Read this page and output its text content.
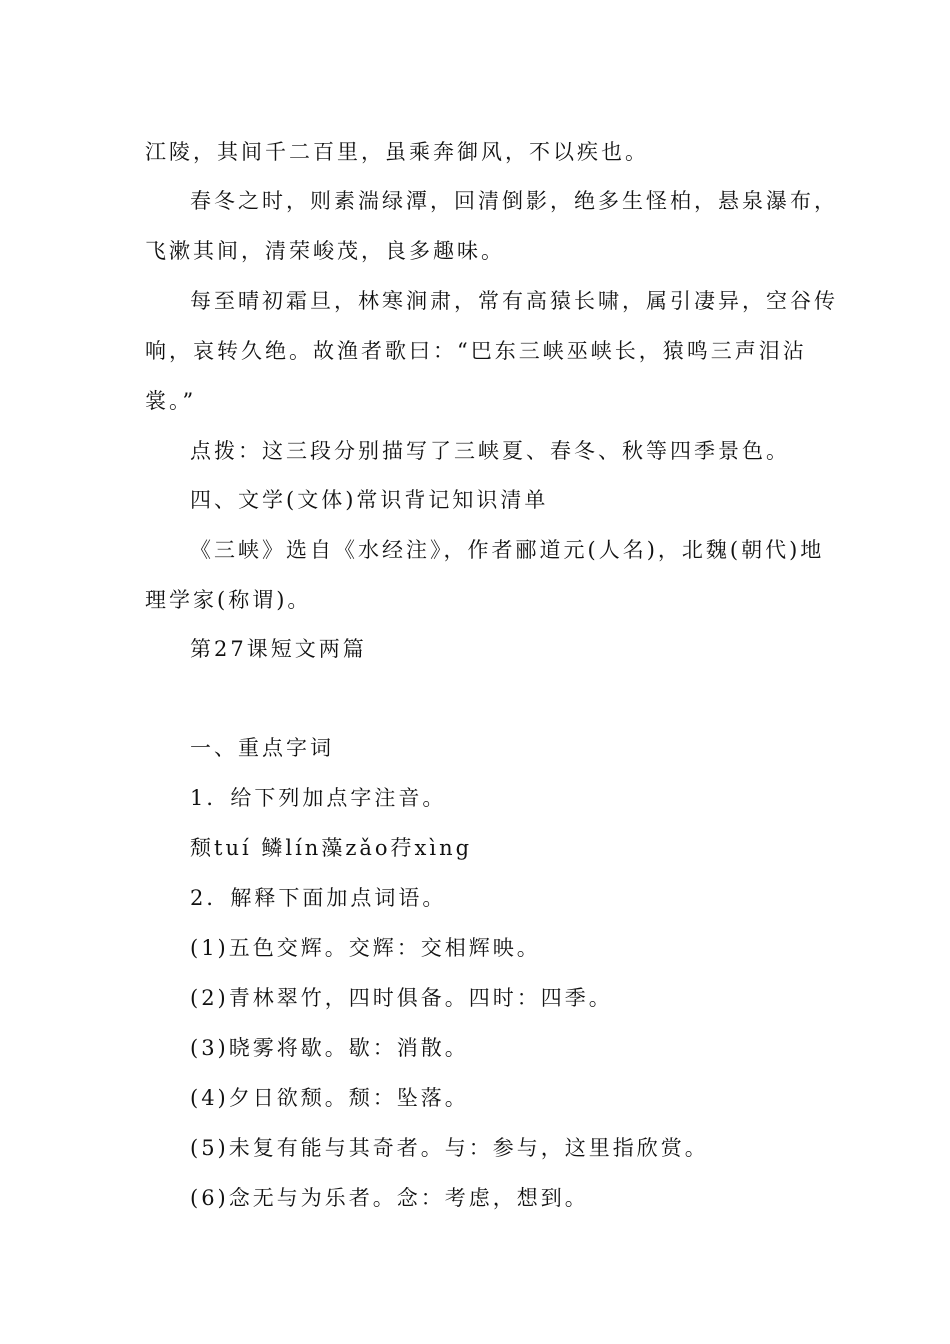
江陵，其间千二百里，虽乘奔御风，不以疾也。
春冬之时，则素湍绿潭，回清倒影，绝多生怪柏，悬泉瀑布，
飞漱其间，清荣峻茂，良多趣味。
每至晴初霜旦，林寒涧肃，常有高猿长啸，属引凄异，空谷传
响，哀转久绝。故渔者歌曰：“巴东三峡巫峡长，猿鸣三声泪沾
裳。”
点拨：这三段分别描写了三峡夏、春冬、秋等四季景色。
四、文学(文体)常识背记知识清单
《三峡》选自《水经注》，作者郦道元(人名)，北魏(朝代)地
理学家(称谓)。
第27课短文两篇
一、重点字词
1．给下列加点字注音。
颓tuí 鳞lín藻zǎo荇xìng
2．解释下面加点词语。
(1)五色交辉。交辉：交相辉映。
(2)青林翠竹，四时俱备。四时：四季。
(3)晓雾将歇。歇：消散。
(4)夕日欲颓。颓：坠落。
(5)未复有能与其奇者。与：参与，这里指欣赏。
(6)念无与为乐者。念：考虑，想到。
